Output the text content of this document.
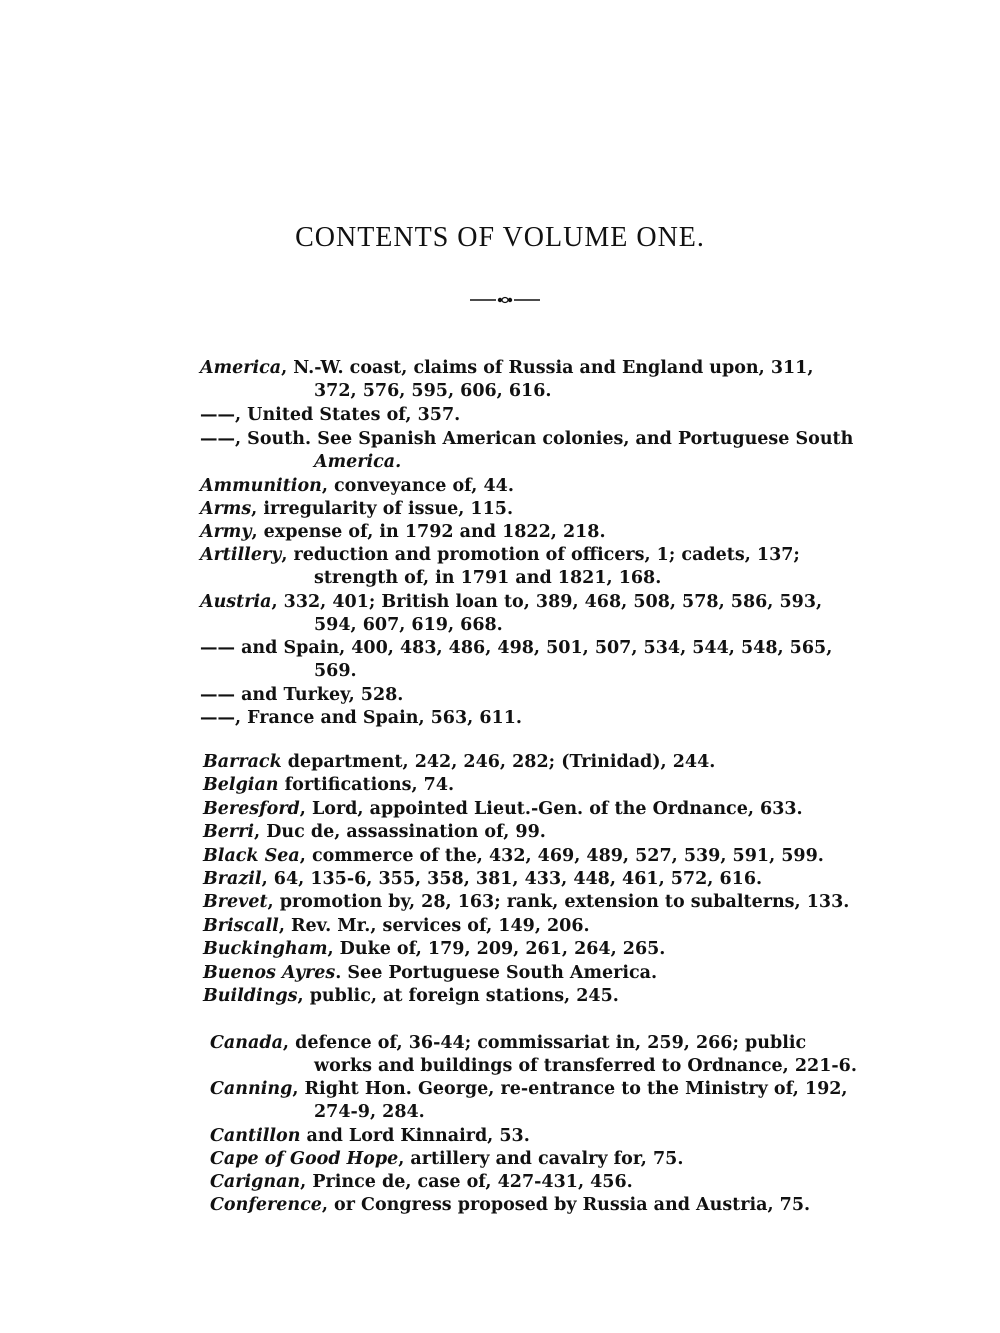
CONTENTS OF VOLUME ONE.
America, N.-W. coast, claims of Russia and England upon, 311,
372, 576, 595, 606, 616.
——, United States of, 357.
——, South. See Spanish American colonies, and Portuguese South
America.
Ammunition, conveyance of, 44.
Arms, irregularity of issue, 115.
Army, expense of, in 1792 and 1822, 218.
Artillery, reduction and promotion of officers, 1; cadets, 137;
strength of, in 1791 and 1821, 168.
Austria, 332, 401; British loan to, 389, 468, 508, 578, 586, 593,
594, 607, 619, 668.
—— and Spain, 400, 483, 486, 498, 501, 507, 534, 544, 548, 565,
569.
—— and Turkey, 528.
——, France and Spain, 563, 611.
Barrack department, 242, 246, 282; (Trinidad), 244.
Belgian fortifications, 74.
Beresford, Lord, appointed Lieut.-Gen. of the Ordnance, 633.
Berri, Duc de, assassination of, 99.
Black Sea, commerce of the, 432, 469, 489, 527, 539, 591, 599.
Brazil, 64, 135-6, 355, 358, 381, 433, 448, 461, 572, 616.
Brevet, promotion by, 28, 163; rank, extension to subalterns, 133.
Briscall, Rev. Mr., services of, 149, 206.
Buckingham, Duke of, 179, 209, 261, 264, 265.
Buenos Ayres. See Portuguese South America.
Buildings, public, at foreign stations, 245.
Canada, defence of, 36-44; commissariat in, 259, 266; public
works and buildings of transferred to Ordnance, 221-6.
Canning, Right Hon. George, re-entrance to the Ministry of, 192,
274-9, 284.
Cantillon and Lord Kinnaird, 53.
Cape of Good Hope, artillery and cavalry for, 75.
Carignan, Prince de, case of, 427-431, 456.
Conference, or Congress proposed by Russia and Austria, 75.
